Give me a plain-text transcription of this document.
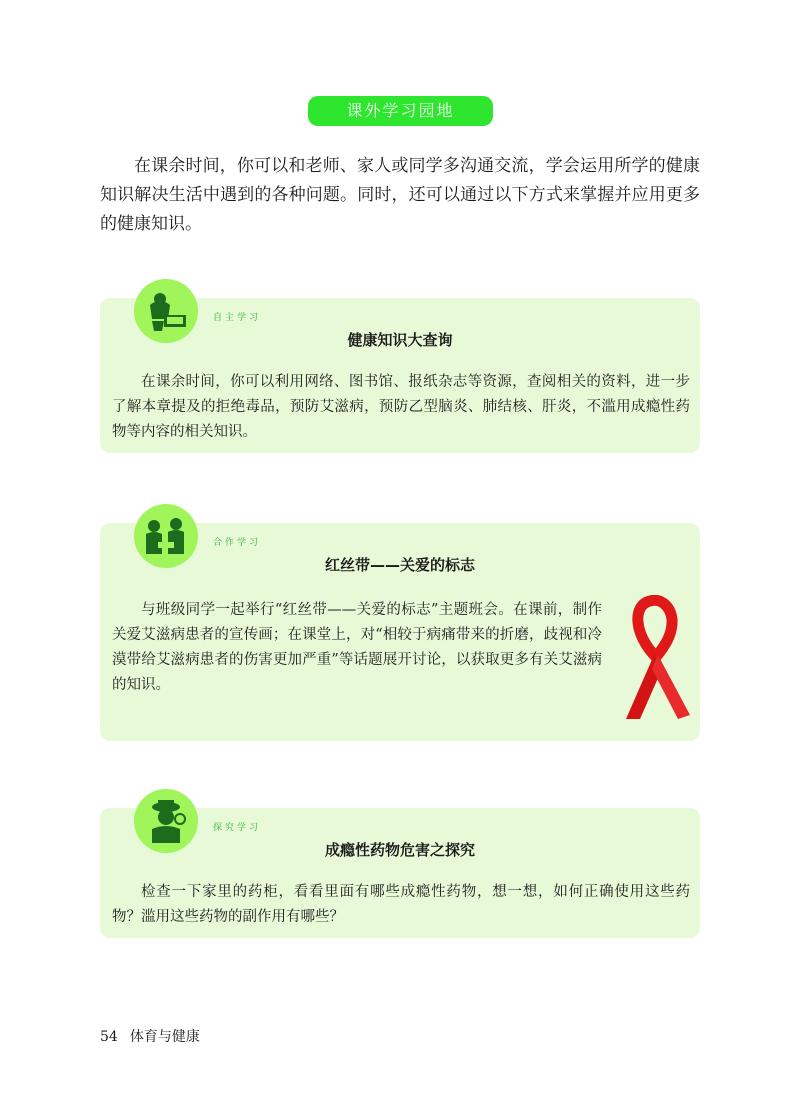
课外学习园地
在课余时间，你可以和老师、家人或同学多沟通交流，学会运用所学的健康知识解决生活中遇到的各种问题。同时，还可以通过以下方式来掌握并应用更多的健康知识。
自主学习
健康知识大查询
在课余时间，你可以利用网络、图书馆、报纸杂志等资源，查阅相关的资料，进一步了解本章提及的拒绝毒品，预防艾滋病，预防乙型脑炎、肺结核、肝炎，不滥用成瘾性药物等内容的相关知识。
合作学习
红丝带——关爱的标志
与班级同学一起举行“红丝带——关爱的标志”主题班会。在课前，制作关爱艾滋病患者的宣传画；在课堂上，对“相较于病痛带来的折磨，歧视和冷漠带给艾滋病患者的伤害更加严重”等话题展开讨论，以获取更多有关艾滋病的知识。
探究学习
成瘾性药物危害之探究
检查一下家里的药柜，看看里面有哪些成瘾性药物，想一想，如何正确使用这些药物？滥用这些药物的副作用有哪些？
54 体育与健康
